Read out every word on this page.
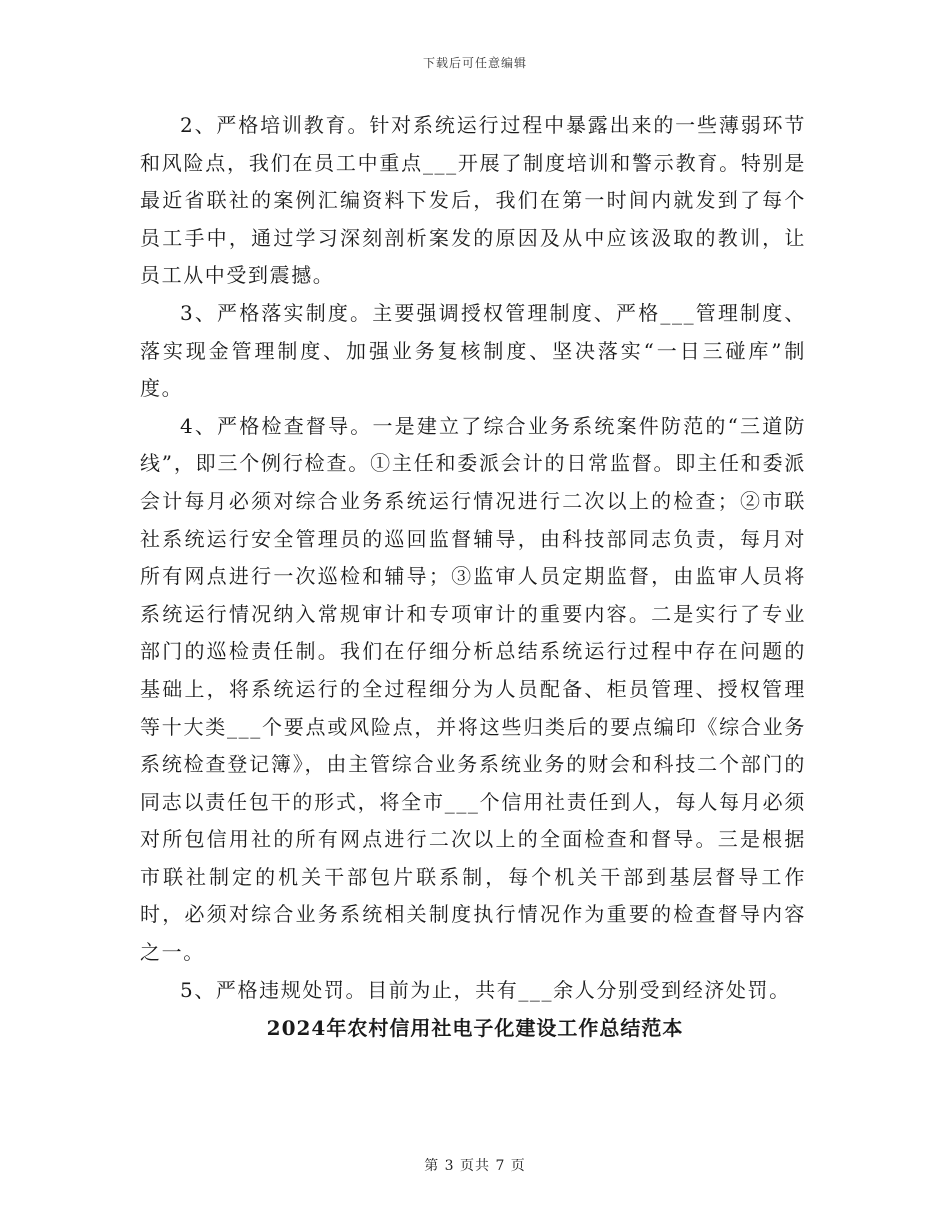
下载后可任意编辑

2、严格培训教育。针对系统运行过程中暴露出来的一些薄弱环节和风险点，我们在员工中重点___开展了制度培训和警示教育。特别是最近省联社的案例汇编资料下发后，我们在第一时间内就发到了每个员工手中，通过学习深刻剖析案发的原因及从中应该汲取的教训，让员工从中受到震撼。

3、严格落实制度。主要强调授权管理制度、严格___管理制度、落实现金管理制度、加强业务复核制度、坚决落实“一日三碰库”制度。

4、严格检查督导。一是建立了综合业务系统案件防范的“三道防线”，即三个例行检查。①主任和委派会计的日常监督。即主任和委派会计每月必须对综合业务系统运行情况进行二次以上的检查；②市联社系统运行安全管理员的巡回监督辅导，由科技部同志负责，每月对所有网点进行一次巡检和辅导；③监审人员定期监督，由监审人员将系统运行情况纳入常规审计和专项审计的重要内容。二是实行了专业部门的巡检责任制。我们在仔细分析总结系统运行过程中存在问题的基础上，将系统运行的全过程细分为人员配备、柜员管理、授权管理等十大类___个要点或风险点，并将这些归类后的要点编印《综合业务系统检查登记簿》，由主管综合业务系统业务的财会和科技二个部门的同志以责任包干的形式，将全市___个信用社责任到人，每人每月必须对所包信用社的所有网点进行二次以上的全面检查和督导。三是根据市联社制定的机关干部包片联系制，每个机关干部到基层督导工作时，必须对综合业务系统相关制度执行情况作为重要的检查督导内容之一。

5、严格违规处罚。目前为止，共有___余人分别受到经济处罚。

2024年农村信用社电子化建设工作总结范本
第 3 页共 7 页
